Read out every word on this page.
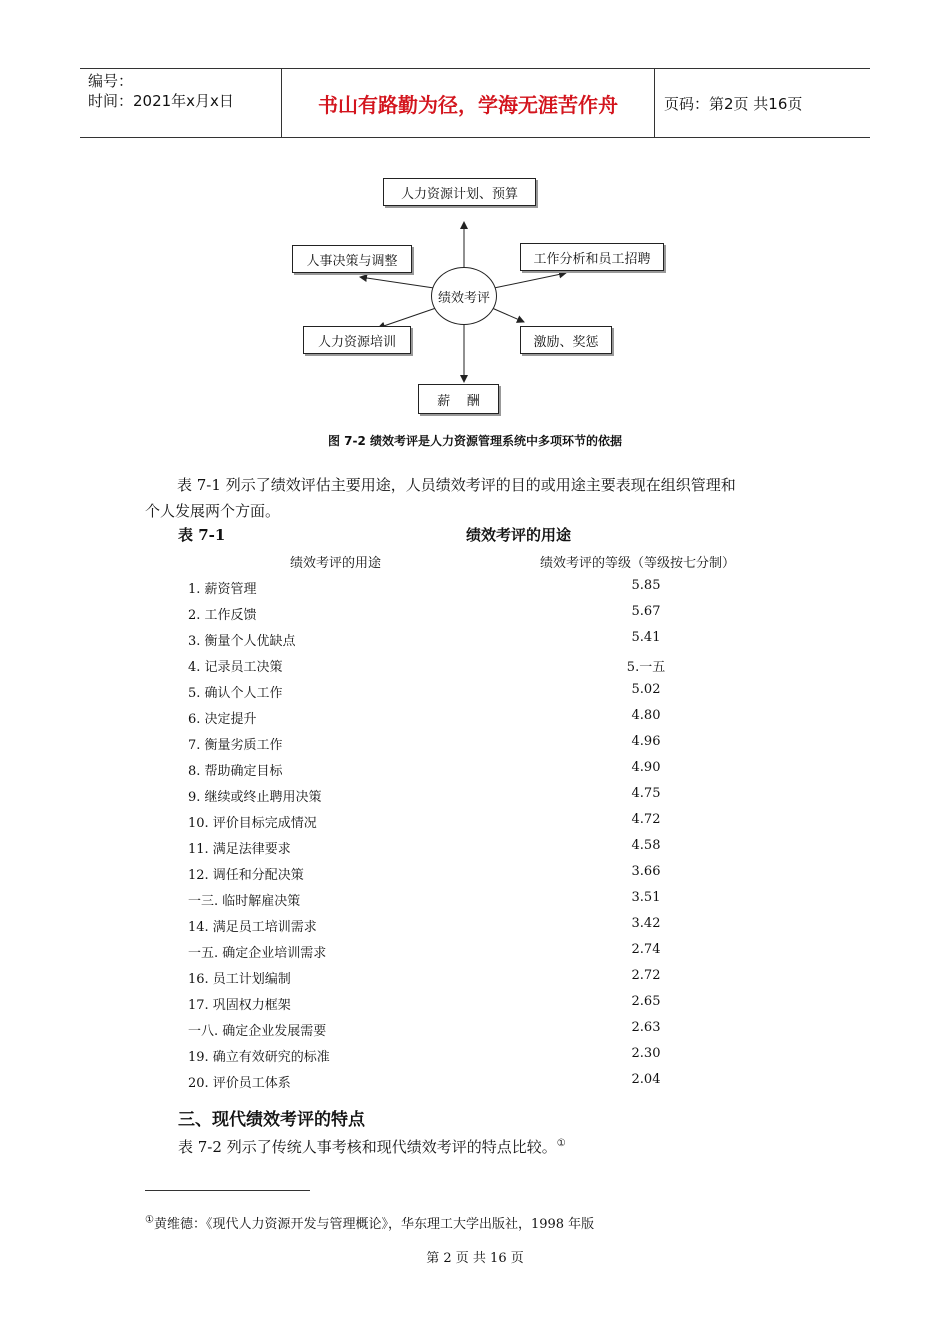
编号：
时间：2021年x月x日	书山有路勤为径，学海无涯苦作舟	页码：第2页 共16页
人力资源计划、预算
人事决策与调整	工作分析和员工招聘
人力资源培训	激励、奖惩
薪    酬
绩效考评
图 7-2 绩效考评是人力资源管理系统中多项环节的依据
表 7-1 列示了绩效评估主要用途，人员绩效考评的目的或用途主要表现在组织管理和
个人发展两个方面。
表 7-1	绩效考评的用途
绩效考评的用途	绩效考评的等级（等级按七分制）
1. 薪资管理	5.85
2. 工作反馈	5.67
3. 衡量个人优缺点	5.41
4. 记录员工决策	5.一五
5. 确认个人工作	5.02
6. 决定提升	4.80
7. 衡量劣质工作	4.96
8. 帮助确定目标	4.90
9. 继续或终止聘用决策	4.75
10. 评价目标完成情况	4.72
11. 满足法律要求	4.58
12. 调任和分配决策	3.66
一三. 临时解雇决策	3.51
14. 满足员工培训需求	3.42
一五. 确定企业培训需求	2.74
16. 员工计划编制	2.72
17. 巩固权力框架	2.65
一八. 确定企业发展需要	2.63
19. 确立有效研究的标准	2.30
20. 评价员工体系	2.04
三、现代绩效考评的特点
表 7-2 列示了传统人事考核和现代绩效考评的特点比较。①
①黄维德：《现代人力资源开发与管理概论》，华东理工大学出版社，1998 年版
第 2 页 共 16 页
